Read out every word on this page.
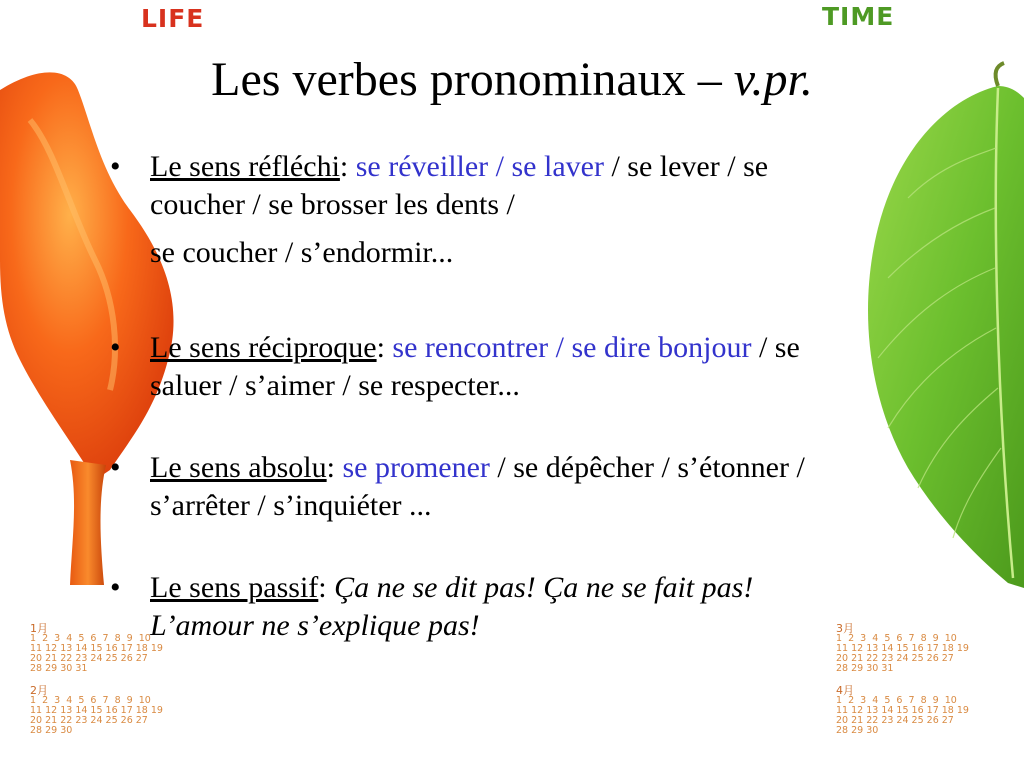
LIFE	TIME
Les verbes pronominaux – v.pr.
• Le sens réfléchi: se réveiller / se laver / se lever / se coucher / se brosser les dents /
se coucher / s’endormir...
• Le sens réciproque: se rencontrer / se dire bonjour / se saluer / s’aimer / se respecter...
• Le sens absolu: se promener / se dépêcher / s’étonner / s’arrêter / s’inquiéter ...
• Le sens passif: Ça ne se dit pas! Ça ne se fait pas! L’amour ne s’explique pas!
1月
1  2  3  4  5  6  7  8  9  10
11 12 13 14 15 16 17 18 19
20 21 22 23 24 25 26 27
28 29 30 31
2月
1  2  3  4  5  6  7  8  9  10
11 12 13 14 15 16 17 18 19
20 21 22 23 24 25 26 27
28 29 30
3月
1  2  3  4  5  6  7  8  9  10
11 12 13 14 15 16 17 18 19
20 21 22 23 24 25 26 27
28 29 30 31
4月
1  2  3  4  5  6  7  8  9  10
11 12 13 14 15 16 17 18 19
20 21 22 23 24 25 26 27
28 29 30
